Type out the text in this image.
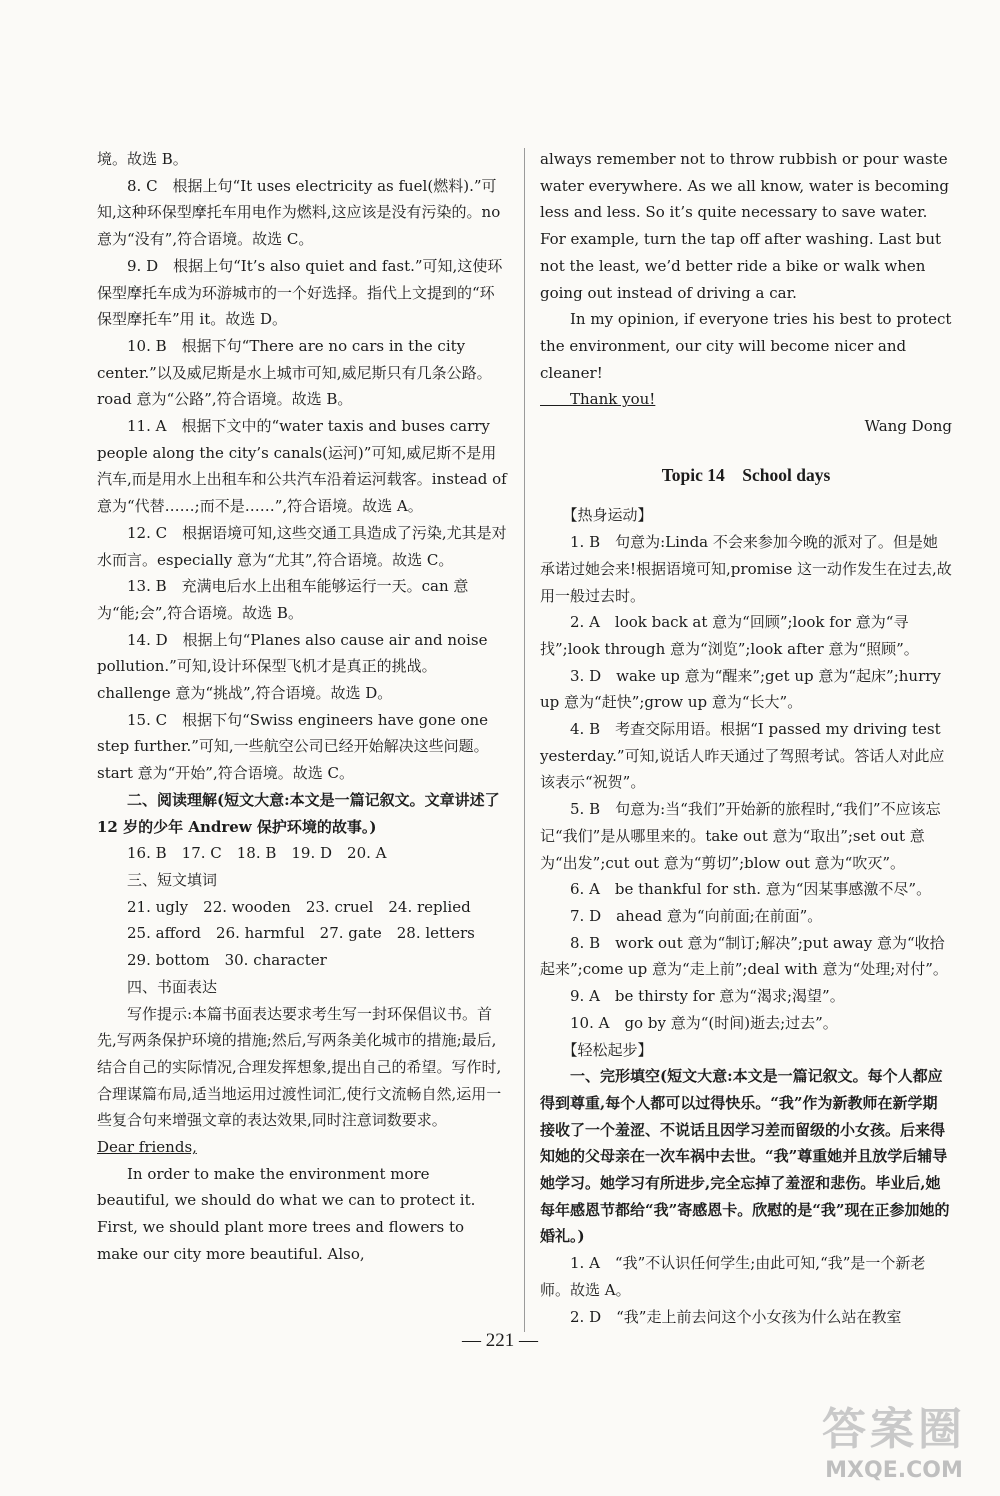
境。故选 B。

　　8. C　根据上句“It uses electricity as fuel(燃料).”可知,这种环保型摩托车用电作为燃料,这应该是没有污染的。no 意为“没有”,符合语境。故选 C。

　　9. D　根据上句“It’s also quiet and fast.”可知,这使环保型摩托车成为环游城市的一个好选择。指代上文提到的“环保型摩托车”用 it。故选 D。

　　10. B　根据下句“There are no cars in the city center.”以及威尼斯是水上城市可知,威尼斯只有几条公路。road 意为“公路”,符合语境。故选 B。

　　11. A　根据下文中的“water taxis and buses carry people along the city’s canals(运河)”可知,威尼斯不是用汽车,而是用水上出租车和公共汽车沿着运河载客。instead of 意为“代替……;而不是……”,符合语境。故选 A。

　　12. C　根据语境可知,这些交通工具造成了污染,尤其是对水而言。especially 意为“尤其”,符合语境。故选 C。

　　13. B　充满电后水上出租车能够运行一天。can 意为“能;会”,符合语境。故选 B。

　　14. D　根据上句“Planes also cause air and noise pollution.”可知,设计环保型飞机才是真正的挑战。challenge 意为“挑战”,符合语境。故选 D。

　　15. C　根据下句“Swiss engineers have gone one step further.”可知,一些航空公司已经开始解决这些问题。start 意为“开始”,符合语境。故选 C。

　　二、阅读理解(短文大意:本文是一篇记叙文。文章讲述了 12 岁的少年 Andrew 保护环境的故事。)

　　16. B　17. C　18. B　19. D　20. A

　　三、短文填词

　　21. ugly　22. wooden　23. cruel　24. replied

　　25. afford　26. harmful　27. gate　28. letters

　　29. bottom　30. character

　　四、书面表达

　　写作提示:本篇书面表达要求考生写一封环保倡议书。首先,写两条保护环境的措施;然后,写两条美化城市的措施;最后,结合自己的实际情况,合理发挥想象,提出自己的希望。写作时,合理谋篇布局,适当地运用过渡性词汇,使行文流畅自然,运用一些复合句来增强文章的表达效果,同时注意词数要求。

Dear friends,

　　In order to make the environment more beautiful, we should do what we can to protect it. First, we should plant more trees and flowers to make our city more beautiful. Also,

always remember not to throw rubbish or pour waste water everywhere. As we all know, water is becoming less and less. So it’s quite necessary to save water. For example, turn the tap off after washing. Last but not the least, we’d better ride a bike or walk when going out instead of driving a car.

　　In my opinion, if everyone tries his best to protect the environment, our city will become nicer and cleaner!

　　Thank you!

Wang Dong

Topic 14　School days

　　【热身运动】

　　1. B　句意为:Linda 不会来参加今晚的派对了。但是她承诺过她会来!根据语境可知,promise 这一动作发生在过去,故用一般过去时。

　　2. A　look back at 意为“回顾”;look for 意为“寻找”;look through 意为“浏览”;look after 意为“照顾”。

　　3. D　wake up 意为“醒来”;get up 意为“起床”;hurry up 意为“赶快”;grow up 意为“长大”。

　　4. B　考查交际用语。根据“I passed my driving test yesterday.”可知,说话人昨天通过了驾照考试。答话人对此应该表示“祝贺”。

　　5. B　句意为:当“我们”开始新的旅程时,“我们”不应该忘记“我们”是从哪里来的。take out 意为“取出”;set out 意为“出发”;cut out 意为“剪切”;blow out 意为“吹灭”。

　　6. A　be thankful for sth. 意为“因某事感激不尽”。

　　7. D　ahead 意为“向前面;在前面”。

　　8. B　work out 意为“制订;解决”;put away 意为“收拾起来”;come up 意为“走上前”;deal with 意为“处理;对付”。

　　9. A　be thirsty for 意为“渴求;渴望”。

　　10. A　go by 意为“(时间)逝去;过去”。

　　【轻松起步】

　　一、完形填空(短文大意:本文是一篇记叙文。每个人都应得到尊重,每个人都可以过得快乐。“我”作为新教师在新学期接收了一个羞涩、不说话且因学习差而留级的小女孩。后来得知她的父母亲在一次车祸中去世。“我”尊重她并且放学后辅导她学习。她学习有所进步,完全忘掉了羞涩和悲伤。毕业后,她每年感恩节都给“我”寄感恩卡。欣慰的是“我”现在正参加她的婚礼。)

　　1. A　“我”不认识任何学生;由此可知,“我”是一个新老师。故选 A。

　　2. D　“我”走上前去问这个小女孩为什么站在教室

— 221 —
答案圈
MXQE.COM
